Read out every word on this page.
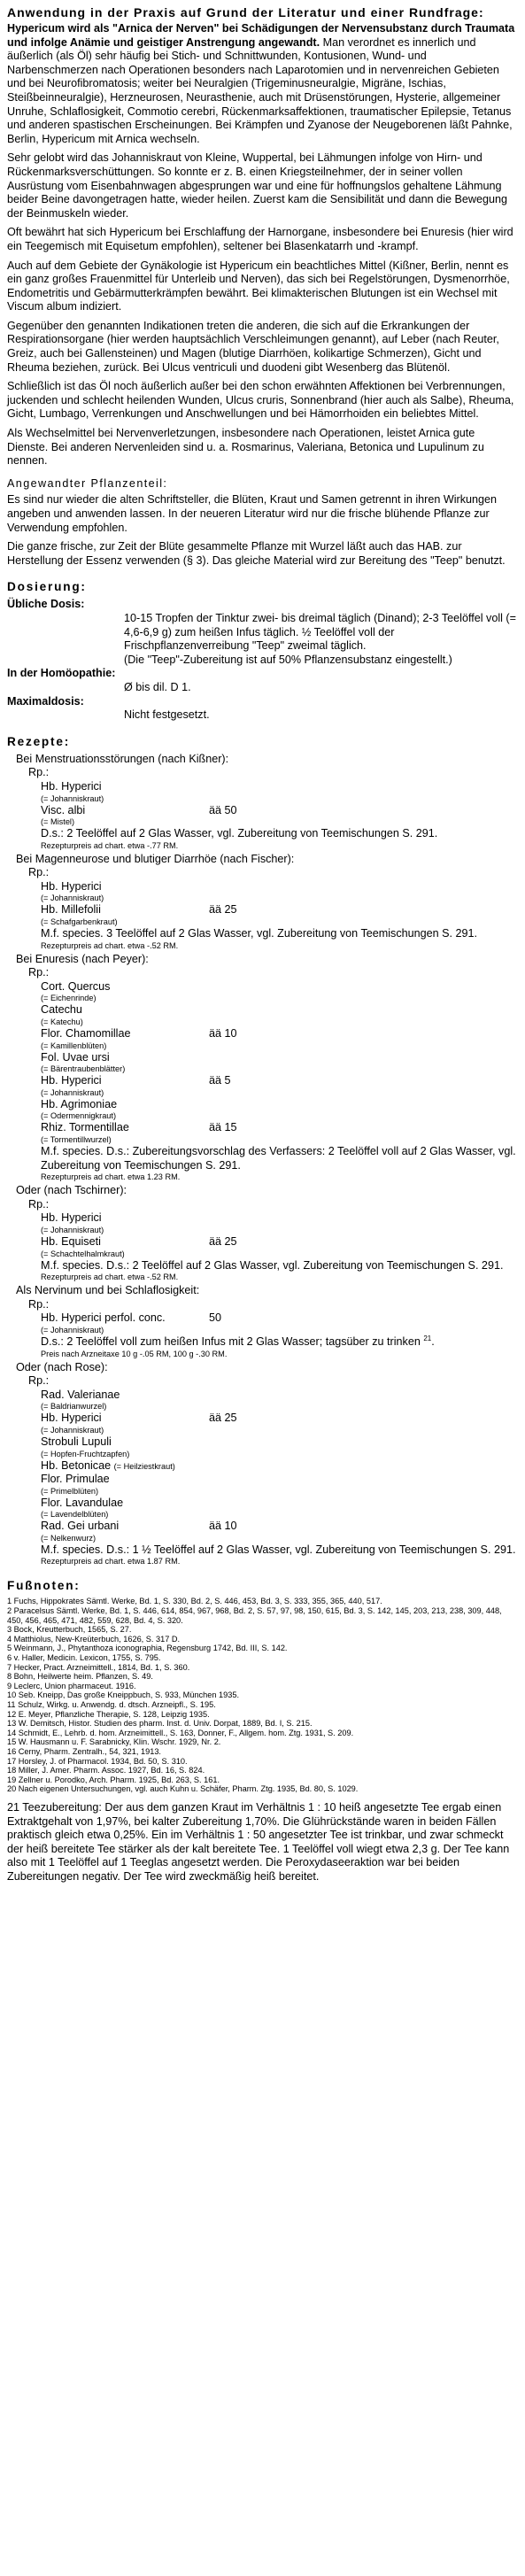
Anwendung in der Praxis auf Grund der Literatur und einer Rundfrage:

Hypericum wird als "Arnica der Nerven" bei Schädigungen der Nervensubstanz durch Traumata und infolge Anämie und geistiger Anstrengung angewandt. Man verordnet es innerlich und äußerlich (als Öl) sehr häufig bei Stich- und Schnittwunden, Kontusionen, Wund- und Narbenschmerzen nach Operationen besonders nach Laparotomien und in nervenreichen Gebieten und bei Neurofibromatosis; weiter bei Neuralgien (Trigeminusneuralgie, Migräne, Ischias, Steißbeinneuralgie), Herzneurosen, Neurasthenie, auch mit Drüsenstörungen, Hysterie, allgemeiner Unruhe, Schlaflosigkeit, Commotio cerebri, Rückenmarksaffektionen, traumatischer Epilepsie, Tetanus und anderen spastischen Erscheinungen. Bei Krämpfen und Zyanose der Neugeborenen läßt Pahnke, Berlin, Hypericum mit Arnica wechseln.

Sehr gelobt wird das Johanniskraut von Kleine, Wuppertal, bei Lähmungen infolge von Hirn- und Rückenmarksverschüttungen. So konnte er z. B. einen Kriegsteilnehmer, der in seiner vollen Ausrüstung vom Eisenbahnwagen abgesprungen war und eine für hoffnungslos gehaltene Lähmung beider Beine davongetragen hatte, wieder heilen. Zuerst kam die Sensibilität und dann die Bewegung der Beinmuskeln wieder.

Oft bewährt hat sich Hypericum bei Erschlaffung der Harnorgane, insbesondere bei Enuresis (hier wird ein Teegemisch mit Equisetum empfohlen), seltener bei Blasenkatarrh und -krampf.

Auch auf dem Gebiete der Gynäkologie ist Hypericum ein beachtliches Mittel (Kißner, Berlin, nennt es ein ganz großes Frauenmittel für Unterleib und Nerven), das sich bei Regelstörungen, Dysmenorrhöe, Endometritis und Gebärmutterkrämpfen bewährt. Bei klimakterischen Blutungen ist ein Wechsel mit Viscum album indiziert.

Gegenüber den genannten Indikationen treten die anderen, die sich auf die Erkrankungen der Respirationsorgane (hier werden hauptsächlich Verschleimungen genannt), auf Leber (nach Reuter, Greiz, auch bei Gallensteinen) und Magen (blutige Diarrhöen, kolikartige Schmerzen), Gicht und Rheuma beziehen, zurück. Bei Ulcus ventriculi und duodeni gibt Wesenberg das Blütenöl.

Schließlich ist das Öl noch äußerlich außer bei den schon erwähnten Affektionen bei Verbrennungen, juckenden und schlecht heilenden Wunden, Ulcus cruris, Sonnenbrand (hier auch als Salbe), Rheuma, Gicht, Lumbago, Verrenkungen und Anschwellungen und bei Hämorrhoiden ein beliebtes Mittel.

Als Wechselmittel bei Nervenverletzungen, insbesondere nach Operationen, leistet Arnica gute Dienste. Bei anderen Nervenleiden sind u. a. Rosmarinus, Valeriana, Betonica und Lupulinum zu nennen.

Angewandter Pflanzenteil:

Es sind nur wieder die alten Schriftsteller, die Blüten, Kraut und Samen getrennt in ihren Wirkungen angeben und anwenden lassen. In der neueren Literatur wird nur die frische blühende Pflanze zur Verwendung empfohlen.

Die ganze frische, zur Zeit der Blüte gesammelte Pflanze mit Wurzel läßt auch das HAB. zur Herstellung der Essenz verwenden (§ 3). Das gleiche Material wird zur Bereitung des "Teep" benutzt.

Dosierung:
Übliche Dosis:	

	10-15 Tropfen der Tinktur zwei- bis dreimal täglich (Dinand); 2-3 Teelöffel voll (= 4,6-6,9 g) zum heißen Infus täglich. ½ Teelöffel voll der Frischpflanzenverreibung "Teep" zweimal täglich.
(Die "Teep"-Zubereitung ist auf 50% Pflanzensubstanz eingestellt.)

In der Homöopathie:	
	Ø bis dil. D 1.
Maximaldosis:	
	Nicht festgesetzt.
Rezepte:
Bei Menstruationsstörungen (nach Kißner):
Rp.:
Hb. Hyperici
(= Johanniskraut)
Visc. albi	ää 50
(= Mistel)
D.s.: 2 Teelöffel auf 2 Glas Wasser, vgl. Zubereitung von Teemischungen S. 291.
Rezepturpreis ad chart. etwa -.77 RM.
Bei Magenneurose und blutiger Diarrhöe (nach Fischer):
Rp.:
Hb. Hyperici
(= Johanniskraut)
Hb. Millefolii	ää 25
(= Schafgarbenkraut)
M.f. species. 3 Teelöffel auf 2 Glas Wasser, vgl. Zubereitung von Teemischungen S. 291.
Rezepturpreis ad chart. etwa -.52 RM.
Bei Enuresis (nach Peyer):
Rp.:
Cort. Quercus
(= Eichenrinde)
Catechu
(= Katechu)
Flor. Chamomillae	ää 10
(= Kamillenblüten)
Fol. Uvae ursi
(= Bärentraubenblätter)
Hb. Hyperici	ää 5
(= Johanniskraut)
Hb. Agrimoniae
(= Odermennigkraut)
Rhiz. Tormentillae	ää 15
(= Tormentillwurzel)
M.f. species. D.s.: Zubereitungsvorschlag des Verfassers: 2 Teelöffel voll auf 2 Glas Wasser, vgl. Zubereitung von Teemischungen S. 291.
Rezepturpreis ad chart. etwa 1.23 RM.
Oder (nach Tschirner):
Rp.:
Hb. Hyperici
(= Johanniskraut)
Hb. Equiseti	ää 25
(= Schachtelhalmkraut)
M.f. species. D.s.: 2 Teelöffel auf 2 Glas Wasser, vgl. Zubereitung von Teemischungen S. 291.
Rezepturpreis ad chart. etwa -.52 RM.
Als Nervinum und bei Schlaflosigkeit:
Rp.:
Hb. Hyperici perfol. conc.	50
(= Johanniskraut)
D.s.: 2 Teelöffel voll zum heißen Infus mit 2 Glas Wasser; tagsüber zu trinken $^{21}$.
Preis nach Arzneitaxe 10 g -.05 RM, 100 g -.30 RM.
Oder (nach Rose):
Rp.:
Rad. Valerianae
(= Baldrianwurzel)
Hb. Hyperici	ää 25
(= Johanniskraut)
Strobuli Lupuli
(= Hopfen-Fruchtzapfen)
Hb. Betonicae (= Heilziestkraut)
Flor. Primulae
(= Primelblüten)
Flor. Lavandulae
(= Lavendelblüten)
Rad. Gei urbani	ää 10
(= Nelkenwurz)
M.f. species. D.s.: 1 ½ Teelöffel auf 2 Glas Wasser, vgl. Zubereitung von Teemischungen S. 291.
Rezepturpreis ad chart. etwa 1.87 RM.
Fußnoten:
1 Fuchs, Hippokrates Sämtl. Werke, Bd. 1, S. 330, Bd. 2, S. 446, 453, Bd. 3, S. 333, 355, 365, 440, 517.
2 Paracelsus Sämtl. Werke, Bd. 1, S. 446, 614, 854, 967, 968, Bd. 2, S. 57, 97, 98, 150, 615, Bd. 3, S. 142, 145, 203, 213, 238, 309, 448, 450, 456, 465, 471, 482, 559, 628, Bd. 4, S. 320.
3 Bock, Kreutterbuch, 1565, S. 27.
4 Matthiolus, New-Kreüterbuch, 1626, S. 317 D.
5 Weinmann, J., Phytanthoza iconographia, Regensburg 1742, Bd. III, S. 142.
6 v. Haller, Medicin. Lexicon, 1755, S. 795.
7 Hecker, Pract. Arzneimittell., 1814, Bd. 1, S. 360.
8 Bohn, Heilwerte heim. Pflanzen, S. 49.
9 Leclerc, Union pharmaceut. 1916.
10 Seb. Kneipp, Das große Kneippbuch, S. 933, München 1935.
11 Schulz, Wirkg. u. Anwendg. d. dtsch. Arzneipfl., S. 195.
12 E. Meyer, Pflanzliche Therapie, S. 128, Leipzig 1935.
13 W. Demitsch, Histor. Studien des pharm. Inst. d. Univ. Dorpat, 1889, Bd. I, S. 215.
14 Schmidt, E., Lehrb. d. hom. Arzneimittell., S. 163, Donner, F., Allgem. hom. Ztg. 1931, S. 209.
15 W. Hausmann u. F. Sarabnicky, Klin. Wschr. 1929, Nr. 2.
16 Cerny, Pharm. Zentralh., 54, 321, 1913.
17 Horsley, J. of Pharmacol. 1934, Bd. 50, S. 310.
18 Miller, J. Amer. Pharm. Assoc. 1927, Bd. 16, S. 824.
19 Zellner u. Porodko, Arch. Pharm. 1925, Bd. 263, S. 161.
20 Nach eigenen Untersuchungen, vgl. auch Kuhn u. Schäfer, Pharm. Ztg. 1935, Bd. 80, S. 1029.

21 Teezubereitung: Der aus dem ganzen Kraut im Verhältnis 1 : 10 heiß angesetzte Tee ergab einen Extraktgehalt von 1,97%, bei kalter Zubereitung 1,70%. Die Glührückstände waren in beiden Fällen praktisch gleich etwa 0,25%. Ein im Verhältnis 1 : 50 angesetzter Tee ist trinkbar, und zwar schmeckt der heiß bereitete Tee stärker als der kalt bereitete Tee. 1 Teelöffel voll wiegt etwa 2,3 g. Der Tee kann also mit 1 Teelöffel auf 1 Teeglas angesetzt werden. Die Peroxydaseeraktion war bei beiden Zubereitungen negativ. Der Tee wird zweckmäßig heiß bereitet.
